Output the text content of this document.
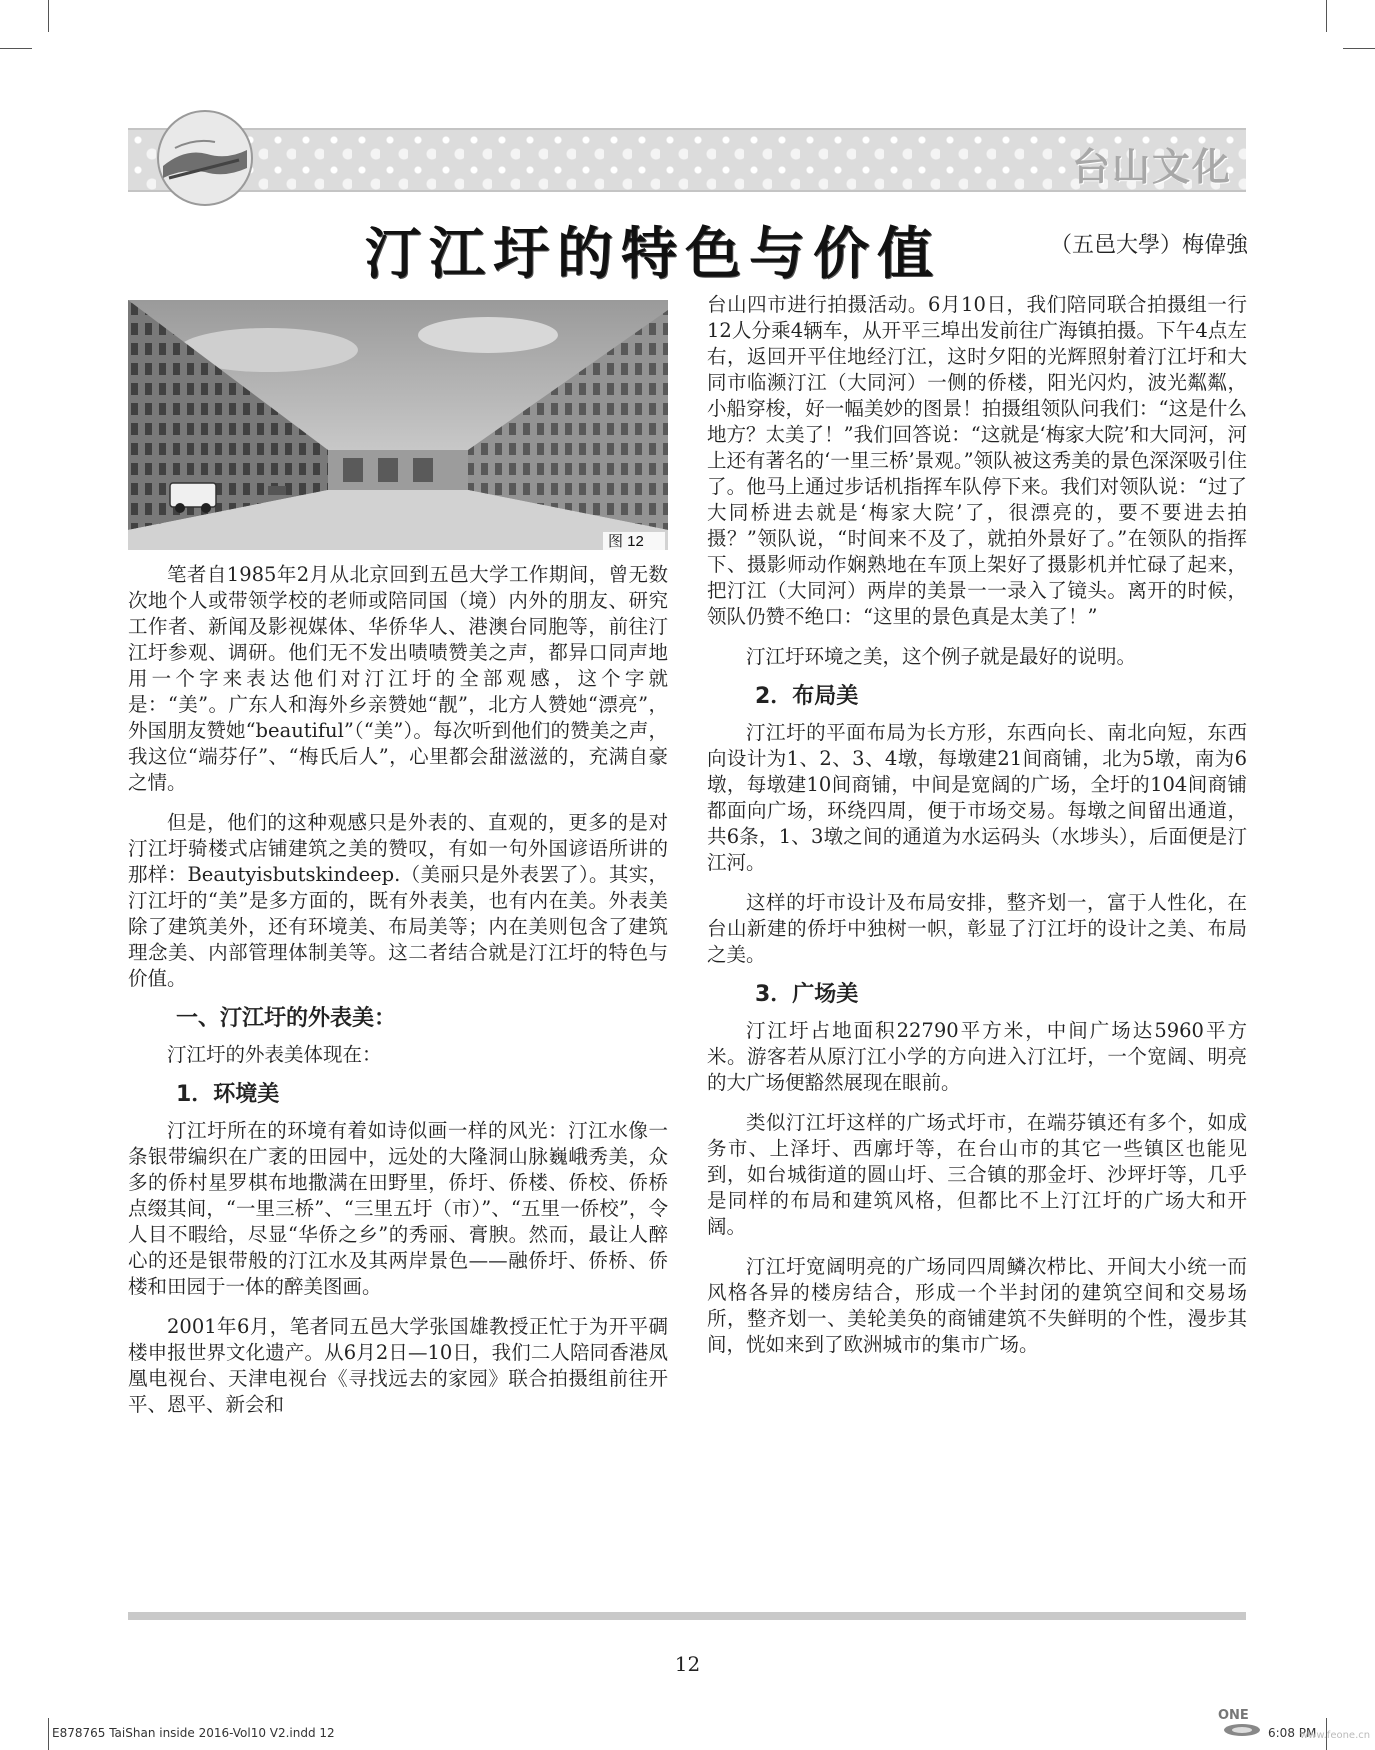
台山文化
汀江圩的特色与价值	（五邑大學）梅偉強
图 12

笔者自1985年2月从北京回到五邑大学工作期间，曾无数次地个人或带领学校的老师或陪同国（境）内外的朋友、研究工作者、新闻及影视媒体、华侨华人、港澳台同胞等，前往汀江圩参观、调研。他们无不发出啧啧赞美之声，都异口同声地用一个字来表达他们对汀江圩的全部观感，这个字就是：“美”。广东人和海外乡亲赞她“靓”，北方人赞她“漂亮”，外国朋友赞她“beautiful”（“美”）。每次听到他们的赞美之声，我这位“端芬仔”、“梅氏后人”，心里都会甜滋滋的，充满自豪之情。

但是，他们的这种观感只是外表的、直观的，更多的是对汀江圩骑楼式店铺建筑之美的赞叹，有如一句外国谚语所讲的那样：Beautyisbutskindeep.（美丽只是外表罢了）。其实，汀江圩的“美”是多方面的，既有外表美，也有内在美。外表美除了建筑美外，还有环境美、布局美等；内在美则包含了建筑理念美、内部管理体制美等。这二者结合就是汀江圩的特色与价值。

一、汀江圩的外表美：

汀江圩的外表美体现在：

1．环境美

汀江圩所在的环境有着如诗似画一样的风光：汀江水像一条银带编织在广袤的田园中，远处的大隆洞山脉巍峨秀美，众多的侨村星罗棋布地撒满在田野里，侨圩、侨楼、侨校、侨桥点缀其间，“一里三桥”、“三里五圩（市）”、“五里一侨校”，令人目不暇给，尽显“华侨之乡”的秀丽、膏腴。然而，最让人醉心的还是银带般的汀江水及其两岸景色——融侨圩、侨桥、侨楼和田园于一体的醉美图画。

2001年6月，笔者同五邑大学张国雄教授正忙于为开平碉楼申报世界文化遗产。从6月2日—10日，我们二人陪同香港凤凰电视台、天津电视台《寻找远去的家园》联合拍摄组前往开平、恩平、新会和

台山四市进行拍摄活动。6月10日，我们陪同联合拍摄组一行12人分乘4辆车，从开平三埠出发前往广海镇拍摄。下午4点左右，返回开平住地经汀江，这时夕阳的光辉照射着汀江圩和大同市临濒汀江（大同河）一侧的侨楼，阳光闪灼，波光粼粼，小船穿梭，好一幅美妙的图景！拍摄组领队问我们：“这是什么地方？太美了！”我们回答说：“这就是‘梅家大院’和大同河，河上还有著名的‘一里三桥’景观。”领队被这秀美的景色深深吸引住了。他马上通过步话机指挥车队停下来。我们对领队说：“过了大同桥进去就是‘梅家大院’了，很漂亮的，要不要进去拍摄？”领队说，“时间来不及了，就拍外景好了。”在领队的指挥下、摄影师动作娴熟地在车顶上架好了摄影机并忙碌了起来，把汀江（大同河）两岸的美景一一录入了镜头。离开的时候，领队仍赞不绝口：“这里的景色真是太美了！”

汀江圩环境之美，这个例子就是最好的说明。

2．布局美

汀江圩的平面布局为长方形，东西向长、南北向短，东西向设计为1、2、3、4墩，每墩建21间商铺，北为5墩，南为6墩，每墩建10间商铺，中间是宽阔的广场，全圩的104间商铺都面向广场，环绕四周，便于市场交易。每墩之间留出通道，共6条，1、3墩之间的通道为水运码头（水埗头），后面便是汀江河。

这样的圩市设计及布局安排，整齐划一，富于人性化，在台山新建的侨圩中独树一帜，彰显了汀江圩的设计之美、布局之美。

3．广场美

汀江圩占地面积22790平方米，中间广场达5960平方米。游客若从原汀江小学的方向进入汀江圩，一个宽阔、明亮的大广场便豁然展现在眼前。

类似汀江圩这样的广场式圩市，在端芬镇还有多个，如成务市、上泽圩、西廓圩等，在台山市的其它一些镇区也能见到，如台城街道的圆山圩、三合镇的那金圩、沙坪圩等，几乎是同样的布局和建筑风格，但都比不上汀江圩的广场大和开阔。

汀江圩宽阔明亮的广场同四周鳞次栉比、开间大小统一而风格各异的楼房结合，形成一个半封闭的建筑空间和交易场所，整齐划一、美轮美奂的商铺建筑不失鲜明的个性，漫步其间，恍如来到了欧洲城市的集市广场。

12
E878765 TaiShan inside 2016-Vol10 V2.indd 12
ONE
6:08 PM
www.feone.cn
